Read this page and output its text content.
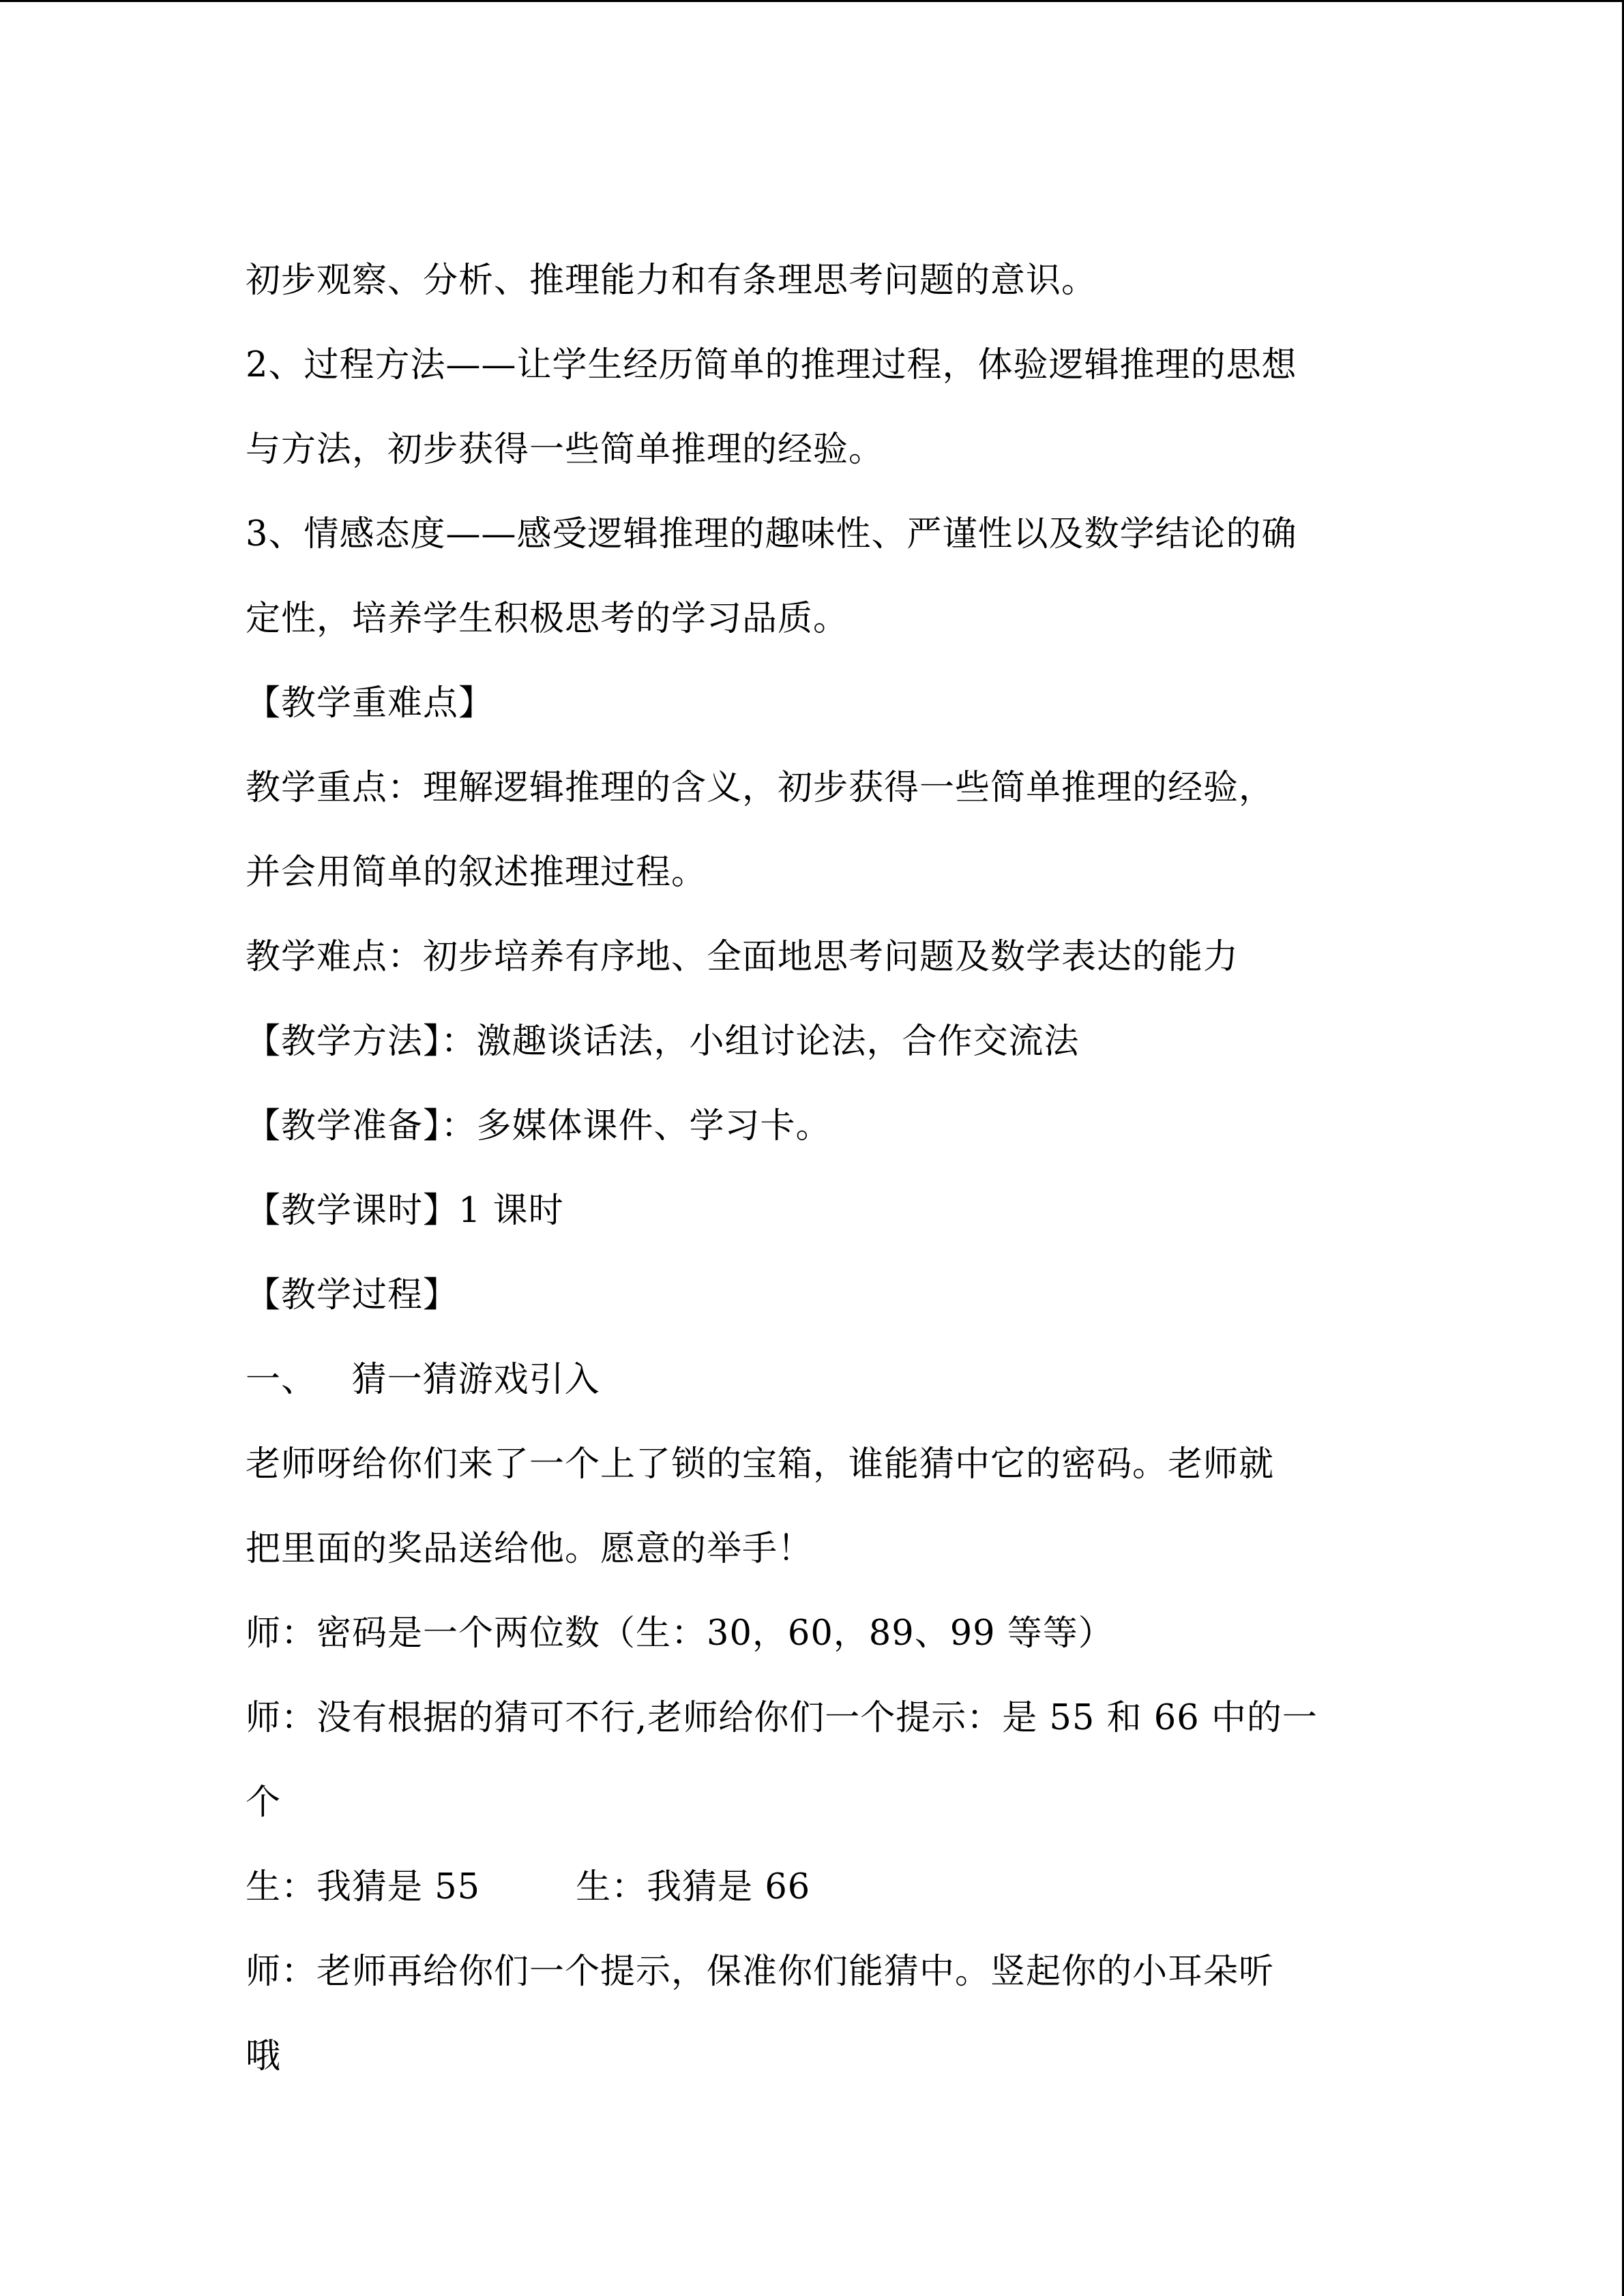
初步观察、分析、推理能力和有条理思考问题的意识。
2、过程方法——让学生经历简单的推理过程，体验逻辑推理的思想
与方法，初步获得一些简单推理的经验。
3、情感态度——感受逻辑推理的趣味性、严谨性以及数学结论的确
定性，培养学生积极思考的学习品质。
【教学重难点】
教学重点：理解逻辑推理的含义，初步获得一些简单推理的经验，
并会用简单的叙述推理过程。
教学难点：初步培养有序地、全面地思考问题及数学表达的能力
【教学方法】：激趣谈话法，小组讨论法，合作交流法
【教学准备】：多媒体课件、学习卡。
【教学课时】1 课时
【教学过程】
一、   猜一猜游戏引入
老师呀给你们来了一个上了锁的宝箱，谁能猜中它的密码。老师就
把里面的奖品送给他。愿意的举手！
师：密码是一个两位数（生：30，60，89、99 等等）
师：没有根据的猜可不行,老师给你们一个提示：是 55 和 66 中的一
个
生：我猜是 55	生：我猜是 66
师：老师再给你们一个提示，保准你们能猜中。竖起你的小耳朵听
哦
